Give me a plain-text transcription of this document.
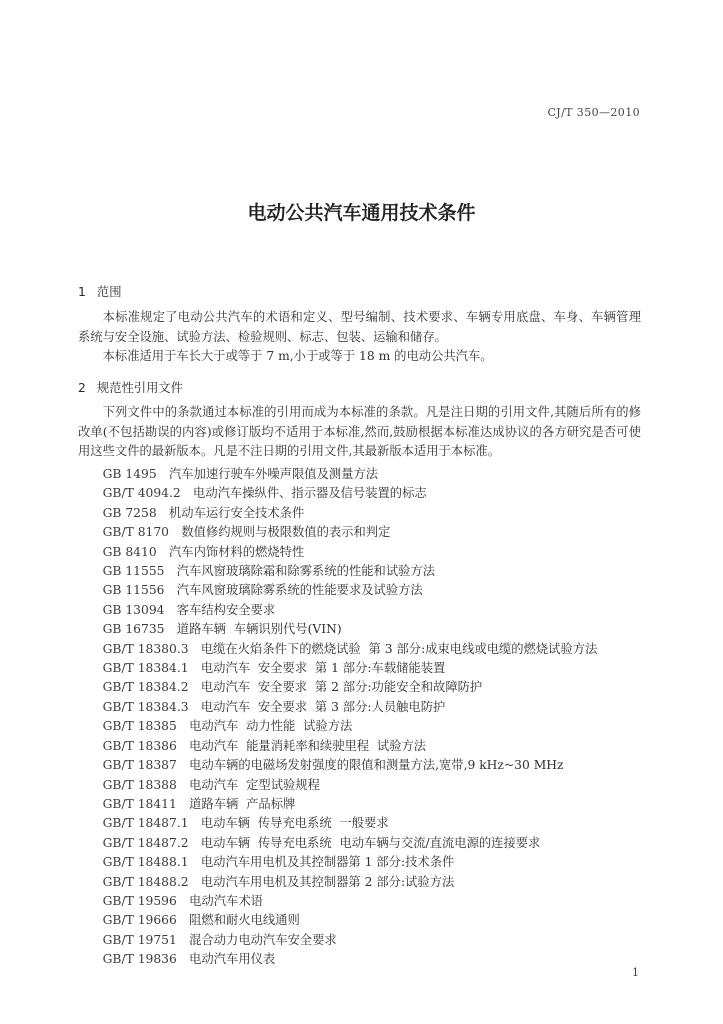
CJ/T 350—2010
电动公共汽车通用技术条件
1 范围

本标准规定了电动公共汽车的术语和定义、型号编制、技术要求、车辆专用底盘、车身、车辆管理系统与安全设施、试验方法、检验规则、标志、包装、运输和储存。

本标准适用于车长大于或等于 7 m,小于或等于 18 m 的电动公共汽车。

2 规范性引用文件

下列文件中的条款通过本标准的引用而成为本标准的条款。凡是注日期的引用文件,其随后所有的修改单(不包括勘误的内容)或修订版均不适用于本标准,然而,鼓励根据本标准达成协议的各方研究是否可使用这些文件的最新版本。凡是不注日期的引用文件,其最新版本适用于本标准。

GB 1495 汽车加速行驶车外噪声限值及测量方法
GB/T 4094.2 电动汽车操纵件、指示器及信号装置的标志
GB 7258 机动车运行安全技术条件
GB/T 8170 数值修约规则与极限数值的表示和判定
GB 8410 汽车内饰材料的燃烧特性
GB 11555 汽车风窗玻璃除霜和除雾系统的性能和试验方法
GB 11556 汽车风窗玻璃除雾系统的性能要求及试验方法
GB 13094 客车结构安全要求
GB 16735 道路车辆  车辆识别代号(VIN)
GB/T 18380.3 电缆在火焰条件下的燃烧试验  第 3 部分:成束电线或电缆的燃烧试验方法
GB/T 18384.1 电动汽车  安全要求  第 1 部分:车载储能装置
GB/T 18384.2 电动汽车  安全要求  第 2 部分:功能安全和故障防护
GB/T 18384.3 电动汽车  安全要求  第 3 部分:人员触电防护
GB/T 18385 电动汽车  动力性能  试验方法
GB/T 18386 电动汽车  能量消耗率和续驶里程  试验方法
GB/T 18387 电动车辆的电磁场发射强度的限值和测量方法,宽带,9 kHz~30 MHz
GB/T 18388 电动汽车  定型试验规程
GB/T 18411 道路车辆  产品标牌
GB/T 18487.1 电动车辆  传导充电系统  一般要求
GB/T 18487.2 电动车辆  传导充电系统  电动车辆与交流/直流电源的连接要求
GB/T 18488.1 电动汽车用电机及其控制器第 1 部分:技术条件
GB/T 18488.2 电动汽车用电机及其控制器第 2 部分:试验方法
GB/T 19596 电动汽车术语
GB/T 19666 阻燃和耐火电线通则
GB/T 19751 混合动力电动汽车安全要求
GB/T 19836 电动汽车用仪表
1
